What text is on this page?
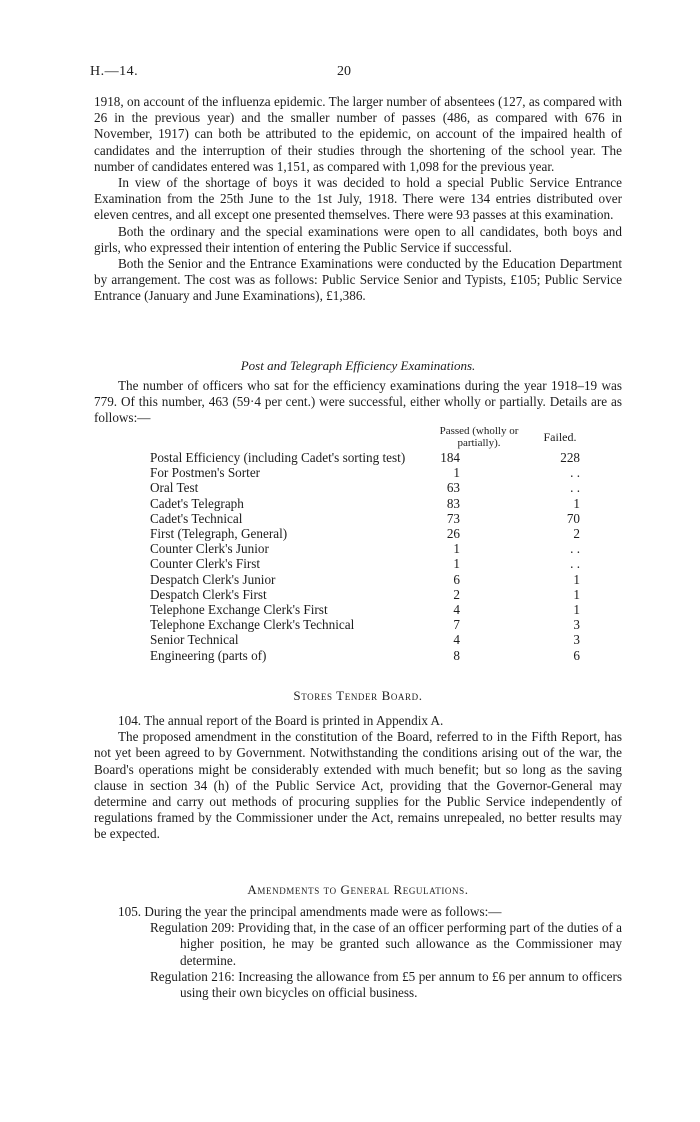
H.—14.	20

1918, on account of the influenza epidemic. The larger number of absentees (127, as compared with 26 in the previous year) and the smaller number of passes (486, as compared with 676 in November, 1917) can both be attributed to the epidemic, on account of the impaired health of candidates and the interruption of their studies through the shortening of the school year. The number of candidates entered was 1,151, as compared with 1,098 for the previous year.

In view of the shortage of boys it was decided to hold a special Public Service Entrance Examination from the 25th June to the 1st July, 1918. There were 134 entries distributed over eleven centres, and all except one presented themselves. There were 93 passes at this examination.

Both the ordinary and the special examinations were open to all candidates, both boys and girls, who expressed their intention of entering the Public Service if successful.

Both the Senior and the Entrance Examinations were conducted by the Education Department by arrangement. The cost was as follows: Public Service Senior and Typists, £105; Public Service Entrance (January and June Examinations), £1,386.

Post and Telegraph Efficiency Examinations.

The number of officers who sat for the efficiency examinations during the year 1918–19 was 779. Of this number, 463 (59·4 per cent.) were successful, either wholly or partially. Details are as follows:—

Passed (wholly or partially).	Failed.
Postal Efficiency (including Cadet's sorting test)	184	228
For Postmen's Sorter	1	. .
Oral Test	63	. .
Cadet's Telegraph	83	1
Cadet's Technical	73	70
First (Telegraph, General)	26	2
Counter Clerk's Junior	1	. .
Counter Clerk's First	1	. .
Despatch Clerk's Junior	6	1
Despatch Clerk's First	2	1
Telephone Exchange Clerk's First	4	1
Telephone Exchange Clerk's Technical	7	3
Senior Technical	4	3
Engineering (parts of)	8	6
Stores Tender Board.

104. The annual report of the Board is printed in Appendix A.

The proposed amendment in the constitution of the Board, referred to in the Fifth Report, has not yet been agreed to by Government. Notwithstanding the conditions arising out of the war, the Board's operations might be considerably extended with much benefit; but so long as the saving clause in section 34 (h) of the Public Service Act, providing that the Governor-General may determine and carry out methods of procuring supplies for the Public Service independently of regulations framed by the Commissioner under the Act, remains unrepealed, no better results may be expected.

Amendments to General Regulations.

105. During the year the principal amendments made were as follows:—

Regulation 209: Providing that, in the case of an officer performing part of the duties of a higher position, he may be granted such allowance as the Commissioner may determine.

Regulation 216: Increasing the allowance from £5 per annum to £6 per annum to officers using their own bicycles on official business.
